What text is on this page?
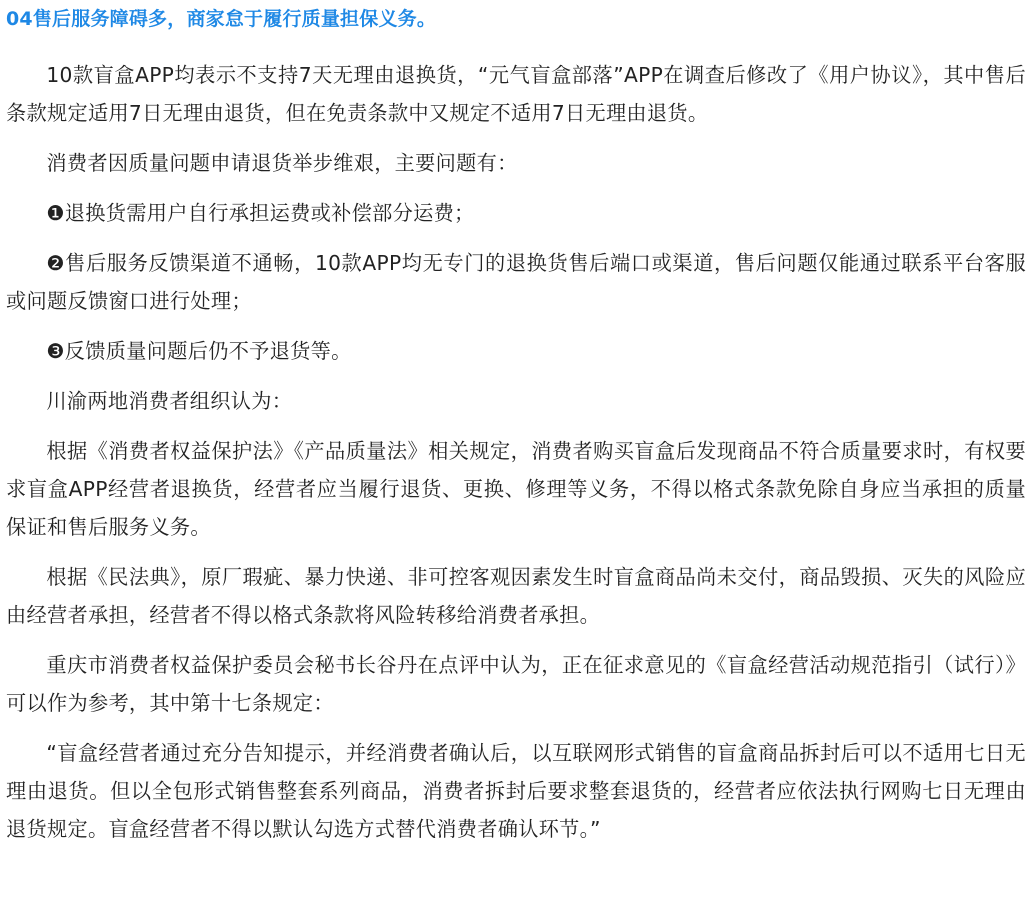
04售后服务障碍多，商家怠于履行质量担保义务。

10款盲盒APP均表示不支持7天无理由退换货，“元气盲盒部落”APP在调查后修改了《用户协议》，其中售后条款规定适用7日无理由退货，但在免责条款中又规定不适用7日无理由退货。

消费者因质量问题申请退货举步维艰，主要问题有：

❶退换货需用户自行承担运费或补偿部分运费；

❷售后服务反馈渠道不通畅，10款APP均无专门的退换货售后端口或渠道，售后问题仅能通过联系平台客服或问题反馈窗口进行处理；

❸反馈质量问题后仍不予退货等。

川渝两地消费者组织认为：

根据《消费者权益保护法》《产品质量法》相关规定，消费者购买盲盒后发现商品不符合质量要求时，有权要求盲盒APP经营者退换货，经营者应当履行退货、更换、修理等义务，不得以格式条款免除自身应当承担的质量保证和售后服务义务。

根据《民法典》，原厂瑕疵、暴力快递、非可控客观因素发生时盲盒商品尚未交付，商品毁损、灭失的风险应由经营者承担，经营者不得以格式条款将风险转移给消费者承担。

重庆市消费者权益保护委员会秘书长谷丹在点评中认为，正在征求意见的《盲盒经营活动规范指引（试行）》可以作为参考，其中第十七条规定：

“盲盒经营者通过充分告知提示，并经消费者确认后，以互联网形式销售的盲盒商品拆封后可以不适用七日无理由退货。但以全包形式销售整套系列商品，消费者拆封后要求整套退货的，经营者应依法执行网购七日无理由退货规定。盲盒经营者不得以默认勾选方式替代消费者确认环节。”
